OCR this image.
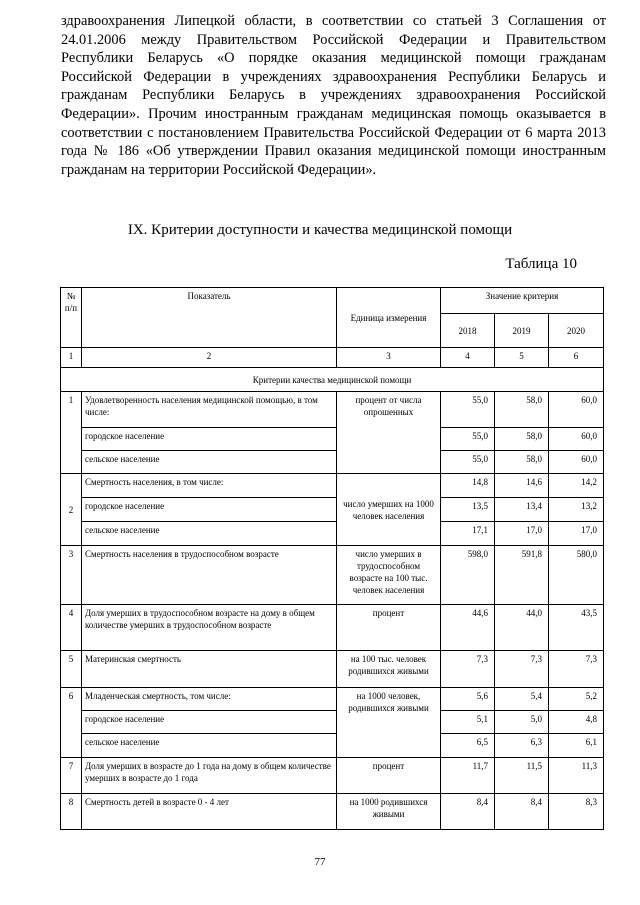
здравоохранения Липецкой области, в соответствии со статьей 3 Соглашения от 24.01.2006 между Правительством Российской Федерации и Правительством Республики Беларусь «О порядке оказания медицинской помощи гражданам Российской Федерации в учреждениях здравоохранения Республики Беларусь и гражданам Республики Беларусь в учреждениях здравоохранения Российской Федерации». Прочим иностранным гражданам медицинская помощь оказывается в соответствии с постановлением Правительства Российской Федерации от 6 марта 2013 года № 186 «Об утверждении Правил оказания медицинской помощи иностранным гражданам на территории Российской Федерации».

IX. Критерии доступности и качества медицинской помощи

Таблица 10

№ п/п	Показатель	Единица измерения	Значение критерия		
			2018	2019	2020
1	2	3	4	5	6
Критерии качества медицинской помощи					
1	Удовлетворенность населения медицинской помощью, в том числе:	процент от числа опрошенных	55,0	58,0	60,0
	городское население		55,0	58,0	60,0
	сельское население		55,0	58,0	60,0
2	Смертность населения, в том числе:	число умерших на 1000 человек населения	14,8	14,6	14,2
	городское население		13,5	13,4	13,2
	сельское население		17,1	17,0	17,0
3	Смертность населения в трудоспособном возрасте	число умерших в трудоспособном возрасте на 100 тыс. человек населения	598,0	591,8	580,0
4	Доля умерших в трудоспособном возрасте на дому в общем количестве умерших в трудоспособном возрасте	процент	44,6	44,0	43,5
5	Материнская смертность	на 100 тыс. человек родившихся живыми	7,3	7,3	7,3
6	Младенческая смертность, том числе:	на 1000 человек, родившихся живыми	5,6	5,4	5,2
	городское население		5,1	5,0	4,8
	сельское население		6,5	6,3	6,1
7	Доля умерших в возрасте до 1 года на дому в общем количестве умерших в возрасте до 1 года	процент	11,7	11,5	11,3
8	Смертность детей в возрасте 0 - 4 лет	на 1000 родившихся живыми	8,4	8,4	8,3

77
